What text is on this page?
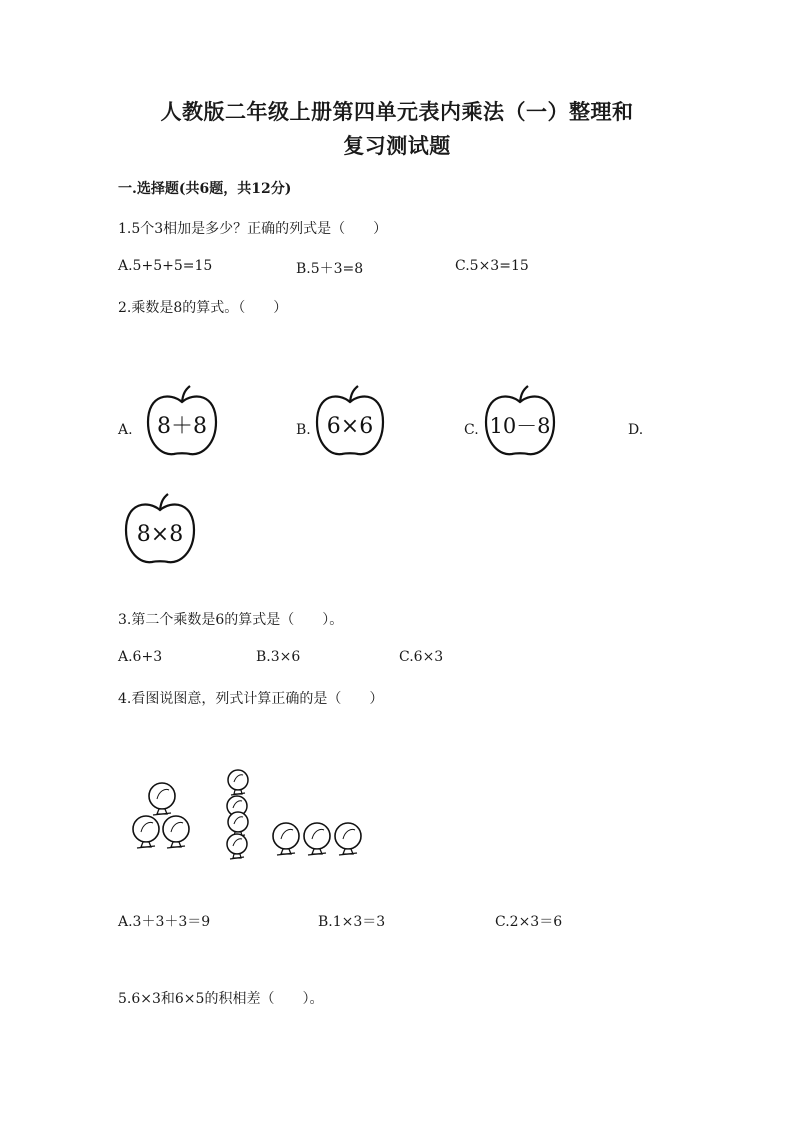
人教版二年级上册第四单元表内乘法（一）整理和
复习测试题
一.选择题(共6题，共12分)
1.5个3相加是多少？正确的列式是（　　）
A.5+5+5=15	B.5＋3=8	C.5×3=15
2.乘数是8的算式。（　　）
A.	B.	C.	D.
8＋8	6×6	10－8
8×8
3.第二个乘数是6的算式是（　　）。
A.6+3	B.3×6	C.6×3
4.看图说图意，列式计算正确的是（　　）
A.3＋3＋3＝9	B.1×3＝3	C.2×3＝6
5.6×3和6×5的积相差（　　）。
